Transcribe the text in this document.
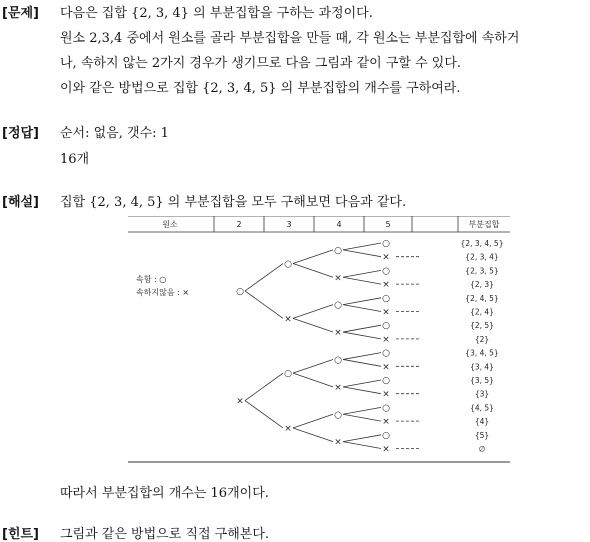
[문제] 다음은 집합 {2, 3, 4} 의 부분집합을 구하는 과정이다.
원소 2,3,4 중에서 원소를 골라 부분집합을 만들 때, 각 원소는 부분집합에 속하거
나, 속하지 않는 2가지 경우가 생기므로 다음 그림과 같이 구할 수 있다.
이와 같은 방법으로 집합 {2, 3, 4, 5} 의 부분집합의 개수를 구하여라.
[정답] 순서: 없음, 갯수: 1
16개
[해설] 집합 {2, 3, 4, 5} 의 부분집합을 모두 구해보면 다음과 같다.
원소	2	3	4	5	부분집합
속함 : ○
속하지않음 : ×	○
○
○
○	{2, 3, 4, 5}
×	{2, 3, 4}
×
○	{2, 3, 5}
×	{2, 3}
×
○
○	{2, 4, 5}
×	{2, 4}
×
○	{2, 5}
×	{2}
×
○
○
○	{3, 4, 5}
×	{3, 4}
×
○	{3, 5}
×	{3}
×
○
○	{4, 5}
×	{4}
×
○	{5}
×	∅
따라서 부분집합의 개수는 16개이다.
[힌트] 그림과 같은 방법으로 직접 구해본다.
